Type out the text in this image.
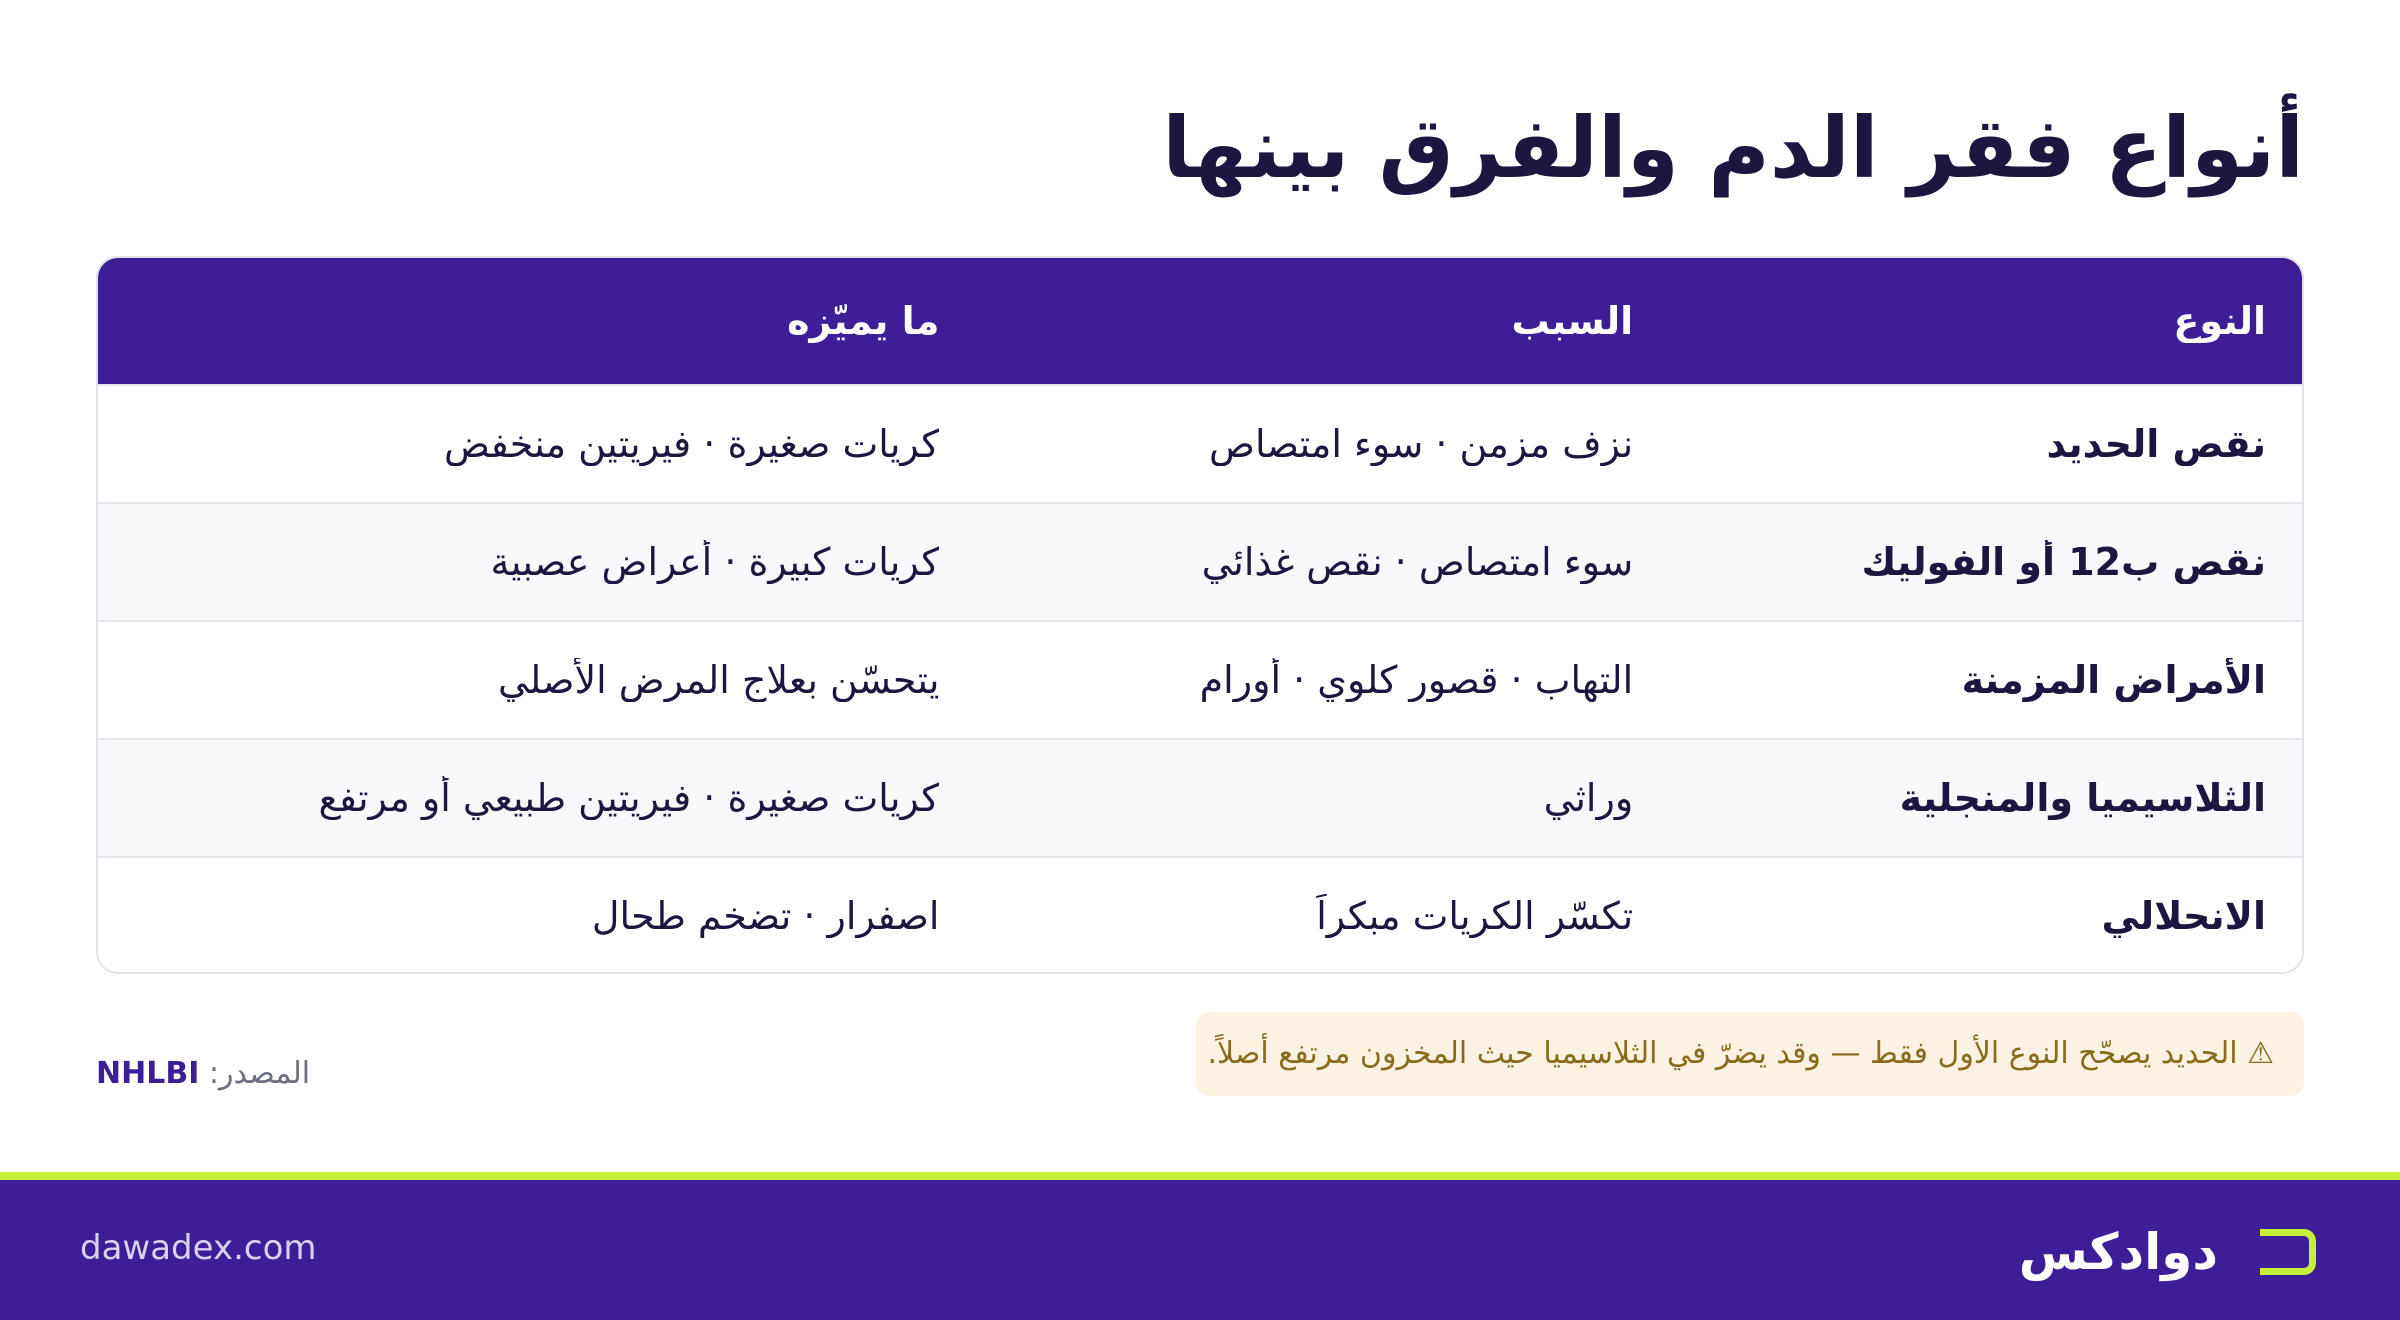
أنواع فقر الدم والفرق بينها
النوع
السبب
ما يميّزه
نقص الحديد
نزف مزمن · سوء امتصاص
كريات صغيرة · فيريتين منخفض
نقص ب12 أو الفوليك
سوء امتصاص · نقص غذائي
كريات كبيرة · أعراض عصبية
الأمراض المزمنة
التهاب · قصور كلوي · أورام
يتحسّن بعلاج المرض الأصلي
الثلاسيميا والمنجلية
وراثي
كريات صغيرة · فيريتين طبيعي أو مرتفع
الانحلالي
تكسّر الكريات مبكراً
اصفرار · تضخم طحال
⚠ الحديد يصحّح النوع الأول فقط — وقد يضرّ في الثلاسيميا حيث المخزون مرتفع أصلاً.
المصدر: NHLBI
dawadex.com	دوادكس
